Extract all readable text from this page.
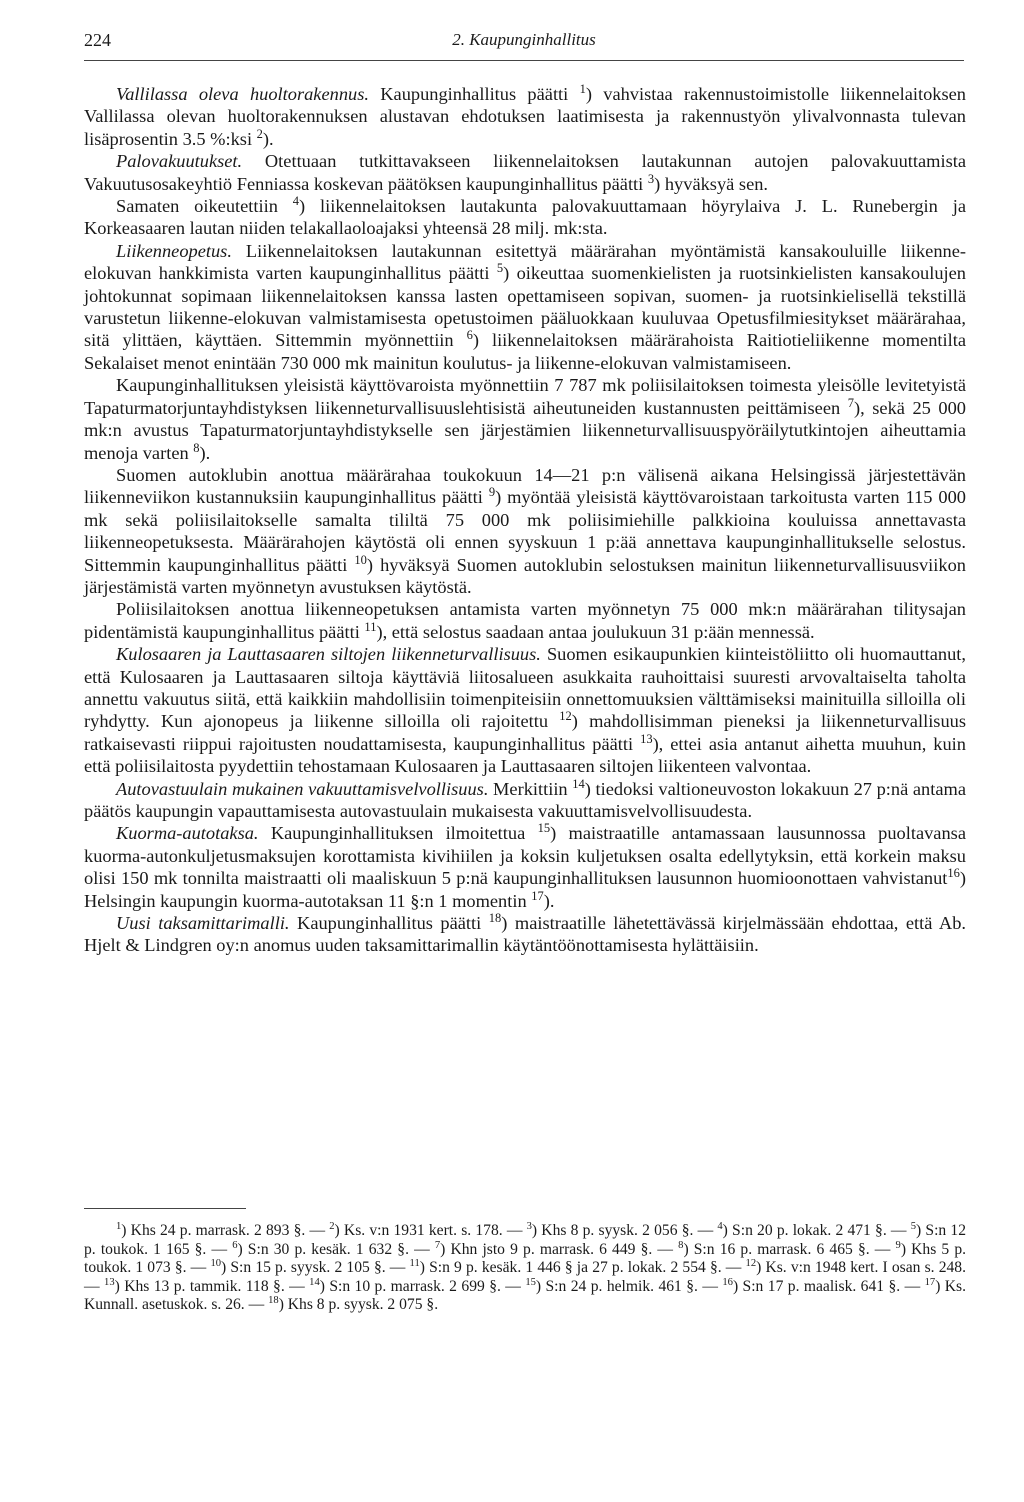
224	2. Kaupunginhallitus

Vallilassa oleva huoltorakennus. Kaupunginhallitus päätti $^1$) vahvistaa rakennustoimistolle liikennelaitoksen Vallilassa olevan huoltorakennuksen alustavan ehdotuksen laatimisesta ja rakennustyön ylivalvonnasta tulevan lisäprosentin 3.5 %:ksi $^2$).

Palovakuutukset. Otettuaan tutkittavakseen liikennelaitoksen lautakunnan autojen palovakuuttamista Vakuutusosakeyhtiö Fenniassa koskevan päätöksen kaupunginhallitus päätti $^3$) hyväksyä sen.

Samaten oikeutettiin $^4$) liikennelaitoksen lautakunta palovakuuttamaan höyrylaiva J. L. Runebergin ja Korkeasaaren lautan niiden telakallaoloajaksi yhteensä 28 milj. mk:sta.

Liikenneopetus. Liikennelaitoksen lautakunnan esitettyä määrärahan myöntämistä kansakouluille liikenne-elokuvan hankkimista varten kaupunginhallitus päätti $^5$) oikeuttaa suomenkielisten ja ruotsinkielisten kansakoulujen johtokunnat sopimaan liikennelaitoksen kanssa lasten opettamiseen sopivan, suomen- ja ruotsinkielisellä tekstillä varustetun liikenne-elokuvan valmistamisesta opetustoimen pääluokkaan kuuluvaa Opetusfilmiesitykset määrärahaa, sitä ylittäen, käyttäen. Sittemmin myönnettiin $^6$) liikennelaitoksen määrärahoista Raitiotieliikenne momentilta Sekalaiset menot enintään 730 000 mk mainitun koulutus- ja liikenne-elokuvan valmistamiseen.

Kaupunginhallituksen yleisistä käyttövaroista myönnettiin 7 787 mk poliisilaitoksen toimesta yleisölle levitetyistä Tapaturmatorjuntayhdistyksen liikenneturvallisuuslehtisistä aiheutuneiden kustannusten peittämiseen $^7$), sekä 25 000 mk:n avustus Tapaturmatorjuntayhdistykselle sen järjestämien liikenneturvallisuuspyöräilytutkintojen aiheuttamia menoja varten $^8$).

Suomen autoklubin anottua määrärahaa toukokuun 14—21 p:n välisenä aikana Helsingissä järjestettävän liikenneviikon kustannuksiin kaupunginhallitus päätti $^9$) myöntää yleisistä käyttövaroistaan tarkoitusta varten 115 000 mk sekä poliisilaitokselle samalta tililtä 75 000 mk poliisimiehille palkkioina kouluissa annettavasta liikenneopetuksesta. Määrärahojen käytöstä oli ennen syyskuun 1 p:ää annettava kaupunginhallitukselle selostus. Sittemmin kaupunginhallitus päätti $^{10}$) hyväksyä Suomen autoklubin selostuksen mainitun liikenneturvallisuusviikon järjestämistä varten myönnetyn avustuksen käytöstä.

Poliisilaitoksen anottua liikenneopetuksen antamista varten myönnetyn 75 000 mk:n määrärahan tilitysajan pidentämistä kaupunginhallitus päätti $^{11}$), että selostus saadaan antaa joulukuun 31 p:ään mennessä.

Kulosaaren ja Lauttasaaren siltojen liikenneturvallisuus. Suomen esikaupunkien kiinteistöliitto oli huomauttanut, että Kulosaaren ja Lauttasaaren siltoja käyttäviä liitosalueen asukkaita rauhoittaisi suuresti arvovaltaiselta taholta annettu vakuutus siitä, että kaikkiin mahdollisiin toimenpiteisiin onnettomuuksien välttämiseksi mainituilla silloilla oli ryhdytty. Kun ajonopeus ja liikenne silloilla oli rajoitettu $^{12}$) mahdollisimman pieneksi ja liikenneturvallisuus ratkaisevasti riippui rajoitusten noudattamisesta, kaupunginhallitus päätti $^{13}$), ettei asia antanut aihetta muuhun, kuin että poliisilaitosta pyydettiin tehostamaan Kulosaaren ja Lauttasaaren siltojen liikenteen valvontaa.

Autovastuulain mukainen vakuuttamisvelvollisuus. Merkittiin $^{14}$) tiedoksi valtioneuvoston lokakuun 27 p:nä antama päätös kaupungin vapauttamisesta autovastuulain mukaisesta vakuuttamisvelvollisuudesta.

Kuorma-autotaksa. Kaupunginhallituksen ilmoitettua $^{15}$) maistraatille antamassaan lausunnossa puoltavansa kuorma-autonkuljetusmaksujen korottamista kivihiilen ja koksin kuljetuksen osalta edellytyksin, että korkein maksu olisi 150 mk tonnilta maistraatti oli maaliskuun 5 p:nä kaupunginhallituksen lausunnon huomioonottaen vahvistanut$^{16}$) Helsingin kaupungin kuorma-autotaksan 11 §:n 1 momentin $^{17}$).

Uusi taksamittarimalli. Kaupunginhallitus päätti $^{18}$) maistraatille lähetettävässä kirjelmässään ehdottaa, että Ab. Hjelt & Lindgren oy:n anomus uuden taksamittarimallin käytäntöönottamisesta hylättäisiin.

$^1$) Khs 24 p. marrask. 2 893 §. — $^2$) Ks. v:n 1931 kert. s. 178. — $^3$) Khs 8 p. syysk. 2 056 §. — $^4$) S:n 20 p. lokak. 2 471 §. — $^5$) S:n 12 p. toukok. 1 165 §. — $^6$) S:n 30 p. kesäk. 1 632 §. — $^7$) Khn jsto 9 p. marrask. 6 449 §. — $^8$) S:n 16 p. marrask. 6 465 §. — $^9$) Khs 5 p. toukok. 1 073 §. — $^{10}$) S:n 15 p. syysk. 2 105 §. — $^{11}$) S:n 9 p. kesäk. 1 446 § ja 27 p. lokak. 2 554 §. — $^{12}$) Ks. v:n 1948 kert. I osan s. 248. — $^{13}$) Khs 13 p. tammik. 118 §. — $^{14}$) S:n 10 p. marrask. 2 699 §. — $^{15}$) S:n 24 p. helmik. 461 §. — $^{16}$) S:n 17 p. maalisk. 641 §. — $^{17}$) Ks. Kunnall. asetuskok. s. 26. — $^{18}$) Khs 8 p. syysk. 2 075 §.
